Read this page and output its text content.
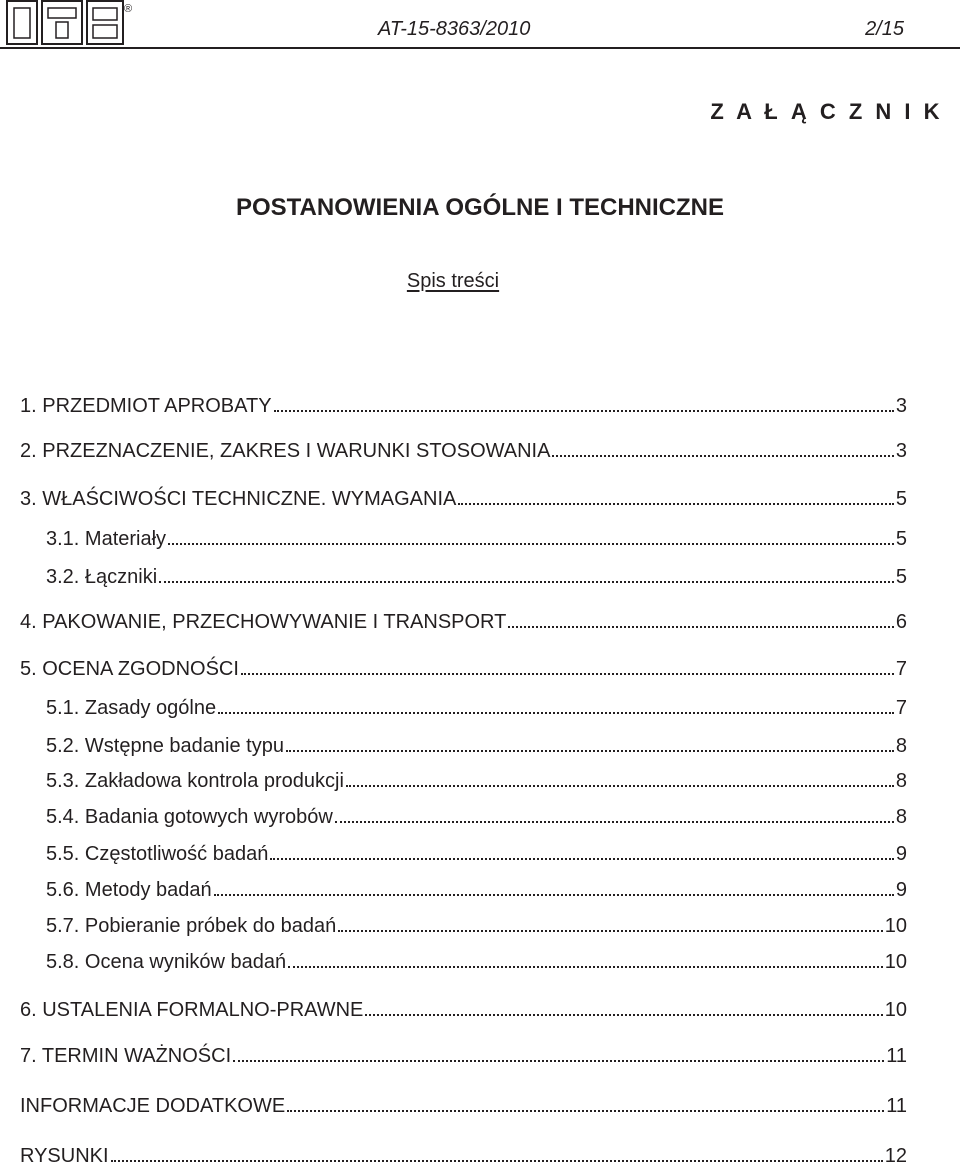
®
AT-15-8363/2010	2/15
Z A Ł Ą C Z N I K
POSTANOWIENIA OGÓLNE I TECHNICZNE
Spis treści
1. PRZEDMIOT APROBATY	3
2. PRZEZNACZENIE, ZAKRES I WARUNKI STOSOWANIA	3
3. WŁAŚCIWOŚCI TECHNICZNE. WYMAGANIA	5
3.1. Materiały	5
3.2. Łączniki	5
4. PAKOWANIE, PRZECHOWYWANIE I TRANSPORT	6
5. OCENA ZGODNOŚCI	7
5.1. Zasady ogólne	7
5.2. Wstępne badanie typu	8
5.3. Zakładowa kontrola produkcji	8
5.4. Badania gotowych wyrobów	8
5.5. Częstotliwość badań	9
5.6. Metody badań	9
5.7. Pobieranie próbek do badań	10
5.8. Ocena wyników badań	10
6. USTALENIA FORMALNO-PRAWNE	10
7. TERMIN WAŻNOŚCI	11
INFORMACJE DODATKOWE	11
RYSUNKI	12
